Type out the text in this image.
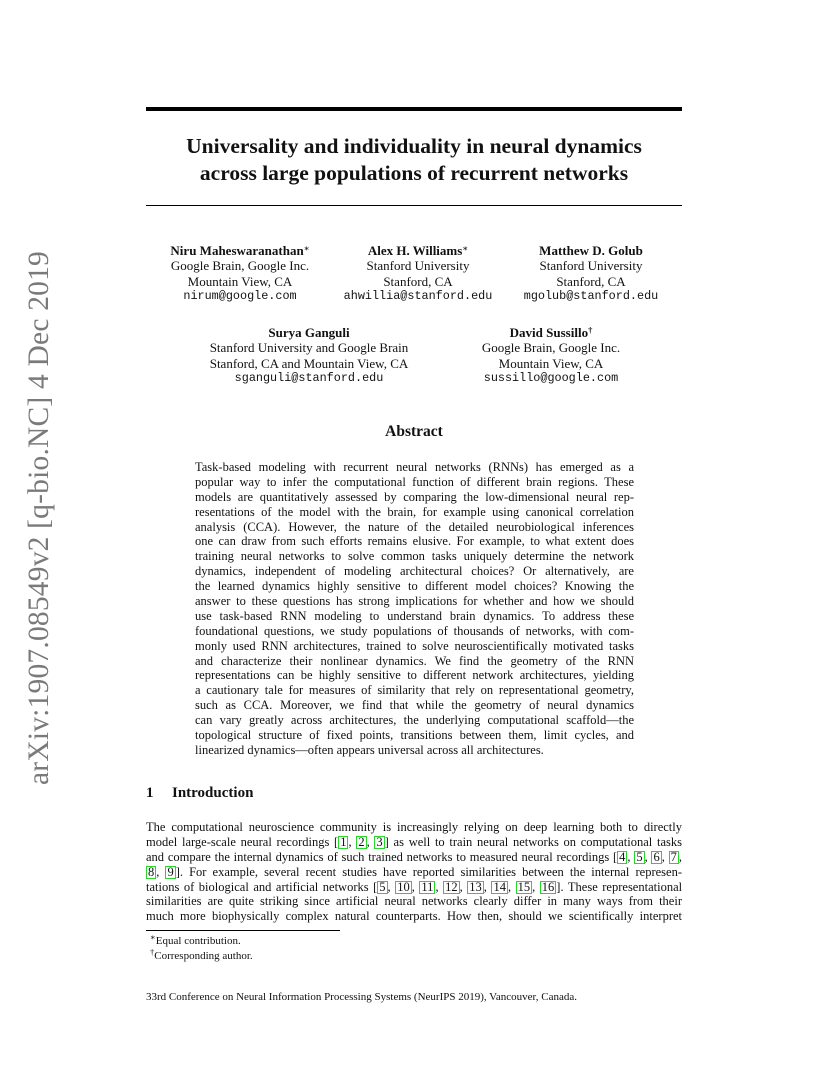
arXiv:1907.08549v2 [q-bio.NC] 4 Dec 2019
Universality and individuality in neural dynamics
across large populations of recurrent networks
Niru Maheswaranathan∗
Google Brain, Google Inc.
Mountain View, CA
nirum@google.com
Alex H. Williams∗
Stanford University
Stanford, CA
ahwillia@stanford.edu
Matthew D. Golub
Stanford University
Stanford, CA
mgolub@stanford.edu
Surya Ganguli
Stanford University and Google Brain
Stanford, CA and Mountain View, CA
sganguli@stanford.edu
David Sussillo†
Google Brain, Google Inc.
Mountain View, CA
sussillo@google.com
Abstract
Task-based modeling with recurrent neural networks (RNNs) has emerged as a
popular way to infer the computational function of different brain regions. These
models are quantitatively assessed by comparing the low-dimensional neural rep-
resentations of the model with the brain, for example using canonical correlation
analysis (CCA). However, the nature of the detailed neurobiological inferences
one can draw from such efforts remains elusive. For example, to what extent does
training neural networks to solve common tasks uniquely determine the network
dynamics, independent of modeling architectural choices? Or alternatively, are
the learned dynamics highly sensitive to different model choices? Knowing the
answer to these questions has strong implications for whether and how we should
use task-based RNN modeling to understand brain dynamics. To address these
foundational questions, we study populations of thousands of networks, with com-
monly used RNN architectures, trained to solve neuroscientifically motivated tasks
and characterize their nonlinear dynamics. We find the geometry of the RNN
representations can be highly sensitive to different network architectures, yielding
a cautionary tale for measures of similarity that rely on representational geometry,
such as CCA. Moreover, we find that while the geometry of neural dynamics
can vary greatly across architectures, the underlying computational scaffold—the
topological structure of fixed points, transitions between them, limit cycles, and
linearized dynamics—often appears universal across all architectures.
1 Introduction
The computational neuroscience community is increasingly relying on deep learning both to directly
model large-scale neural recordings [ 1 , 2 , 3 ] as well to train neural networks on computational tasks
and compare the internal dynamics of such trained networks to measured neural recordings [ 4 , 5 , 6 , 7 ,
8 , 9 ]. For example, several recent studies have reported similarities between the internal represen-
tations of biological and artificial networks [ 5 , 10 , 11 , 12 , 13 , 14 , 15 , 16 ]. These representational
similarities are quite striking since artificial neural networks clearly differ in many ways from their
much more biophysically complex natural counterparts. How then, should we scientifically interpret
∗Equal contribution.
†Corresponding author.
33rd Conference on Neural Information Processing Systems (NeurIPS 2019), Vancouver, Canada.
